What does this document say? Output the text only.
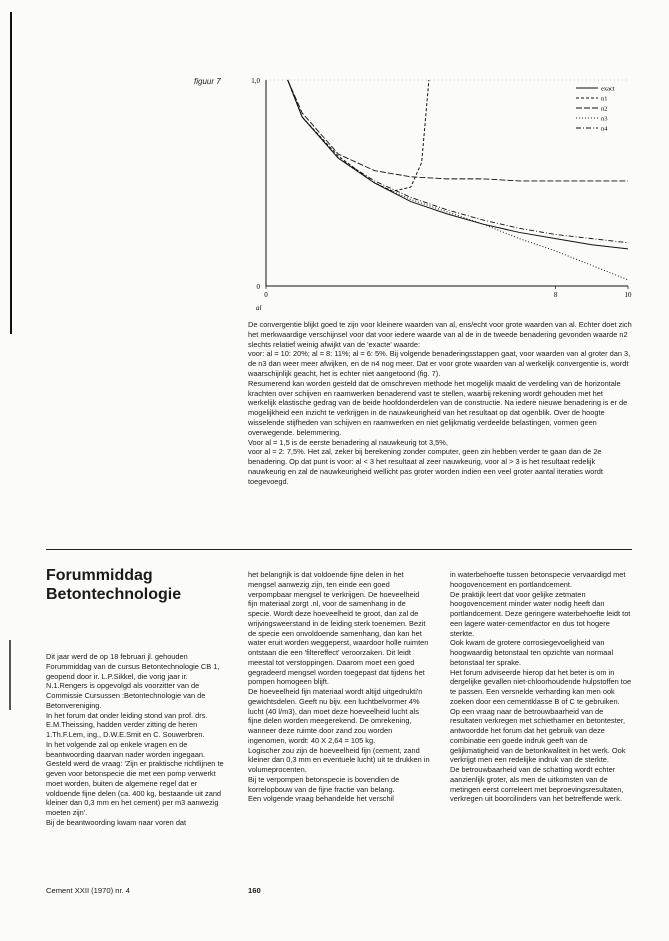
figuur 7	1,0
0
0	8	10
al
exact
n1
n2
n3
n4

De convergentie blijkt goed te zijn voor kleinere waarden van al, ens/echt voor grote waarden van al. Echter doet zich het merkwaardige verschijnsel voor dat voor iedere waarde van al de in de tweede benadering gevonden waarde n2 slechts relatief weinig afwijkt van de 'exacte' waarde:

voor: al = 10: 20%; al = 8: 11%; al = 6: 5%. Bij volgende benaderingsstappen gaat, voor waarden van al groter dan 3, de n3 dan weer meer afwijken, en de n4 nog meer. Dat er voor grote waarden van al werkelijk convergentie is, wordt waarschijnlijk geacht, het is echter niet aangetoond (fig. 7).

Resumerend kan worden gesteld dat de omschreven methode het mogelijk maakt de verdeling van de horizontale krachten over schijven en raamwerken benaderend vast te stellen, waarbij rekening wordt gehouden met het werkelijk elastische gedrag van de beide hoofdonderdelen van de constructie. Na iedere nieuwe benadering is er de mogelijkheid een inzicht te verkrijgen in de nauwkeurigheid van het resultaat op dat ogenblik. Over de hoogte wisselende stijfheden van schijven en raamwerken en niet gelijkmatig verdeelde belastingen, vormen geen overwegende. belemmering.

Voor al = 1,5 is de eerste benadering al nauwkeurig tot 3,5%,

voor al = 2: 7,5%. Het zal, zeker bij berekening zonder computer, geen zin hebben verder te gaan dan de 2e benadering. Op dat punt is voor: al < 3 het resultaat al zeer nauwkeurig, voor al > 3 is het resultaat redelijk nauwkeurig en zal de nauwkeurigheid wellicht pas groter worden indien een veel groter aantal iteraties wordt toegevoegd.

Forummiddag Betontechnologie

Dit jaar werd de op 18 februari jl. gehouden Forummiddag van de cursus Betontechnologie CB 1, geopend door ir. L.P.Sikkel, die vorig jaar ir. N.1.Rengers is opgevolgd als voorzitter van de Commissie Cursussen :Betontechnologie van de Betonvereniging.

In het forum dat onder leiding stond van prof. drs. E.M.Theissing, hadden verder zitting de heren 1.Th.F.Lem, ing., D.W.E.Smit en C. Souwerbren.

In het volgende zal op enkele vragen en de beantwoording daarvan nader worden ingegaan. Gesteld werd de vraag: 'Zijn er praktische richtlijnen te geven voor betonspecie die met een pomp verwerkt moet worden, buiten de algemene regel dat er voldoende fijne delen (ca. 400 kg, bestaande uit zand kleiner dan 0,3 mm en het cement) per m3 aanwezig moeten zijn'.

Bij de beantwoording kwam naar voren dat

het belangrijk is dat voldoende fijne delen in het mengsel aanwezig zijn, ten einde een goed verpompbaar mengsel te verkrijgen. De hoeveelheid fijn materiaal zorgt .nl, voor de samenhang in de specie. Wordt deze hoeveelheid te groot, dan zal de wrijvingsweerstand in de leiding sterk toenemen. Bezit de specie een onvoldoende samenhang, dan kan het water eruit worden weggeperst, waardoor holle ruimten ontstaan die een 'filtereffect' veroorzaken. Dit leidt meestal tot verstoppingen. Daarom moet een goed gegradeerd mengsel worden toegepast dat tijdens het pompen homogeen blijft.

De hoeveelheid fijn materiaal wordt altijd uitgedrukti'n gewichtsdelen. Geeft nu bijv. een luchtbelvormer 4% lucht (40 l/m3), dan moet deze hoeveelheid lucht als fijne delen worden meegerekend. De omrekening, wanneer deze ruimte door zand zou worden ingenomen, wordt: 40 X 2,64 = 105 kg.

Logischer zou zijn de hoeveelheid fijn (cement, zand kleiner dan 0,3 mm en eventuele lucht) uit te drukken in volumeprocenten.

Bij te verpompen betonspecie is bovendien de korrelopbouw van de fijne fractie van belang.

Een volgende vraag behandelde het verschil

in waterbehoefte tussen betonspecie vervaardigd met hoogovencement en portlandcement.

De praktijk leert dat voor gelijke zetmaten hoogovencement minder water nodig heeft dan portlandcement. Deze geringere waterbehoefte leidt tot een lagere water-cementfactor en dus tot hogere sterkte.

Ook kwam de grotere corrosiegevoeligheid van hoogwaardig betonstaal ten opzichte van normaal betonstaal ter sprake.

Het forum adviseerde hierop dat het beter is om in dergelijke gevallen niet-chloorhoudende hulpstoffen toe te passen. Een versnelde verharding kan men ook zoeken door een cementklasse B of C te gebruiken.

Op een vraag naar de betrouwbaarheid van de resultaten verkregen met schiethamer en betontester, antwoordde het forum dat het gebruik van deze combinatie een goede indruk geeft van de gelijkmatigheid van de betonkwaliteit in het werk. Ook verkrijgt men een redelijke indruk van de sterkte.

De betrouwbaarheid van de schatting wordt echter aanzienlijk groter, als men de uitkomsten van de metingen eerst correleert met beproevingsresultaten, verkregen uit boorcilinders van het betreffende werk.

Cement XXII (1970) nr. 4	160
